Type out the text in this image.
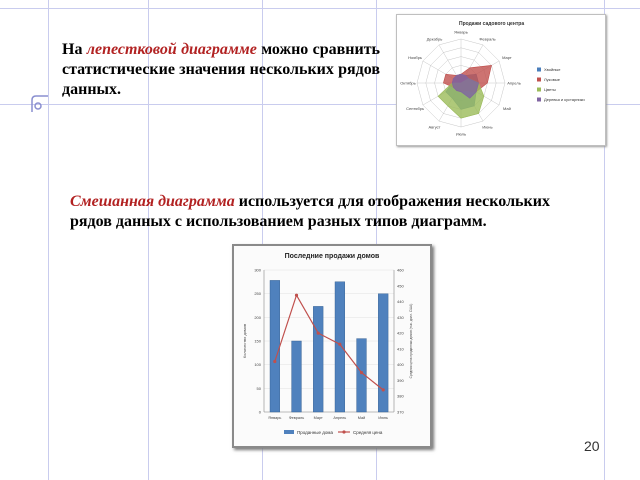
На лепестковой диаграмме можно сравнить статистические значения нескольких рядов данных.
Продажи садового центра
Январь
Февраль
Март
Апрель
Май
Июнь
Июль
Август
Сентябрь
Октябрь
Ноябрь
Декабрь
Хвойные
Луковые
Цветы
Деревья и кустарники
Смешанная диаграмма используется для отображения нескольких рядов данных с использованием разных типов диаграмм.
Последние продажи домов
0
50
100
150
200
250
300
370
380
390
400
410
420
430
440
450
460
Количество домов	Средняя цена проданных домов (тыс. долл. США)
Январь Февраль Март	Апрель	Май	Июнь
Проданные дома	Средняя цена
20
